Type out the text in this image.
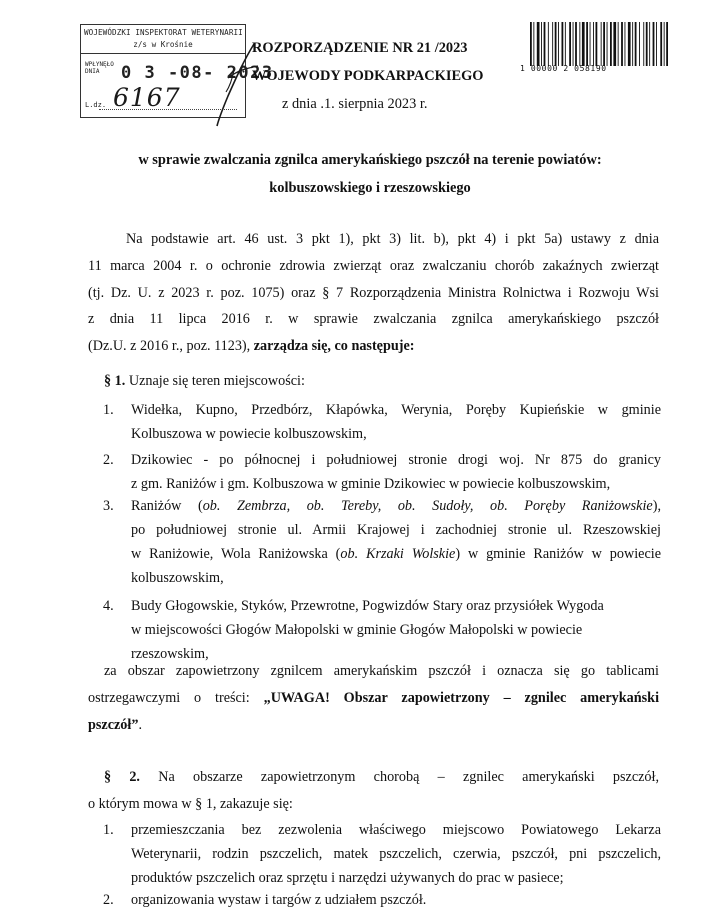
WOJEWÓDZKI INSPEKTORAT WETERYNARII
z/s w Krośnie
WPŁYNĘŁO
DNIA	0 3 -08- 2023
L.dz. 6167
ROZPORZĄDZENIE NR 21 /2023
WOJEWODY PODKARPACKIEGO
z dnia .1. sierpnia 2023 r.
1 00000 2 058190
w sprawie zwalczania zgnilca amerykańskiego pszczół na terenie powiatów:
kolbuszowskiego i rzeszowskiego
Na podstawie art. 46 ust. 3 pkt 1), pkt 3) lit. b), pkt 4) i pkt 5a) ustawy z dnia
11 marca 2004 r. o ochronie zdrowia zwierząt oraz zwalczaniu chorób zakaźnych zwierząt
(tj. Dz. U. z 2023 r. poz. 1075) oraz § 7 Rozporządzenia Ministra Rolnictwa i Rozwoju Wsi
z dnia 11 lipca 2016 r. w sprawie zwalczania zgnilca amerykańskiego pszczół
(Dz.U. z 2016 r., poz. 1123), zarządza się, co następuje:
§ 1. Uznaje się teren miejscowości:
1. Widełka, Kupno, Przedbórz, Kłapówka, Werynia, Poręby Kupieńskie w gminie
Kolbuszowa w powiecie kolbuszowskim,
2. Dzikowiec - po północnej i południowej stronie drogi woj. Nr 875 do granicy
z gm. Raniżów i gm. Kolbuszowa w gminie Dzikowiec w powiecie kolbuszowskim,
3. Raniżów (ob. Zembrza, ob. Tereby, ob. Sudoły, ob. Poręby Raniżowskie),
po południowej stronie ul. Armii Krajowej i zachodniej stronie ul. Rzeszowskiej
w Raniżowie, Wola Raniżowska (ob. Krzaki Wolskie) w gminie Raniżów w powiecie
kolbuszowskim,
4. Budy Głogowskie, Styków, Przewrotne, Pogwizdów Stary oraz przysiółek Wygoda
w miejscowości Głogów Małopolski w gminie Głogów Małopolski w powiecie
rzeszowskim,
za obszar zapowietrzony zgnilcem amerykańskim pszczół i oznacza się go tablicami
ostrzegawczymi o treści: „UWAGA! Obszar zapowietrzony – zgnilec amerykański
pszczół”.
§ 2. Na obszarze zapowietrzonym chorobą – zgnilec amerykański pszczół,
o którym mowa w § 1, zakazuje się:
1. przemieszczania bez zezwolenia właściwego miejscowo Powiatowego Lekarza
Weterynarii, rodzin pszczelich, matek pszczelich, czerwia, pszczół, pni pszczelich,
produktów pszczelich oraz sprzętu i narzędzi używanych do prac w pasiece;
2. organizowania wystaw i targów z udziałem pszczół.
